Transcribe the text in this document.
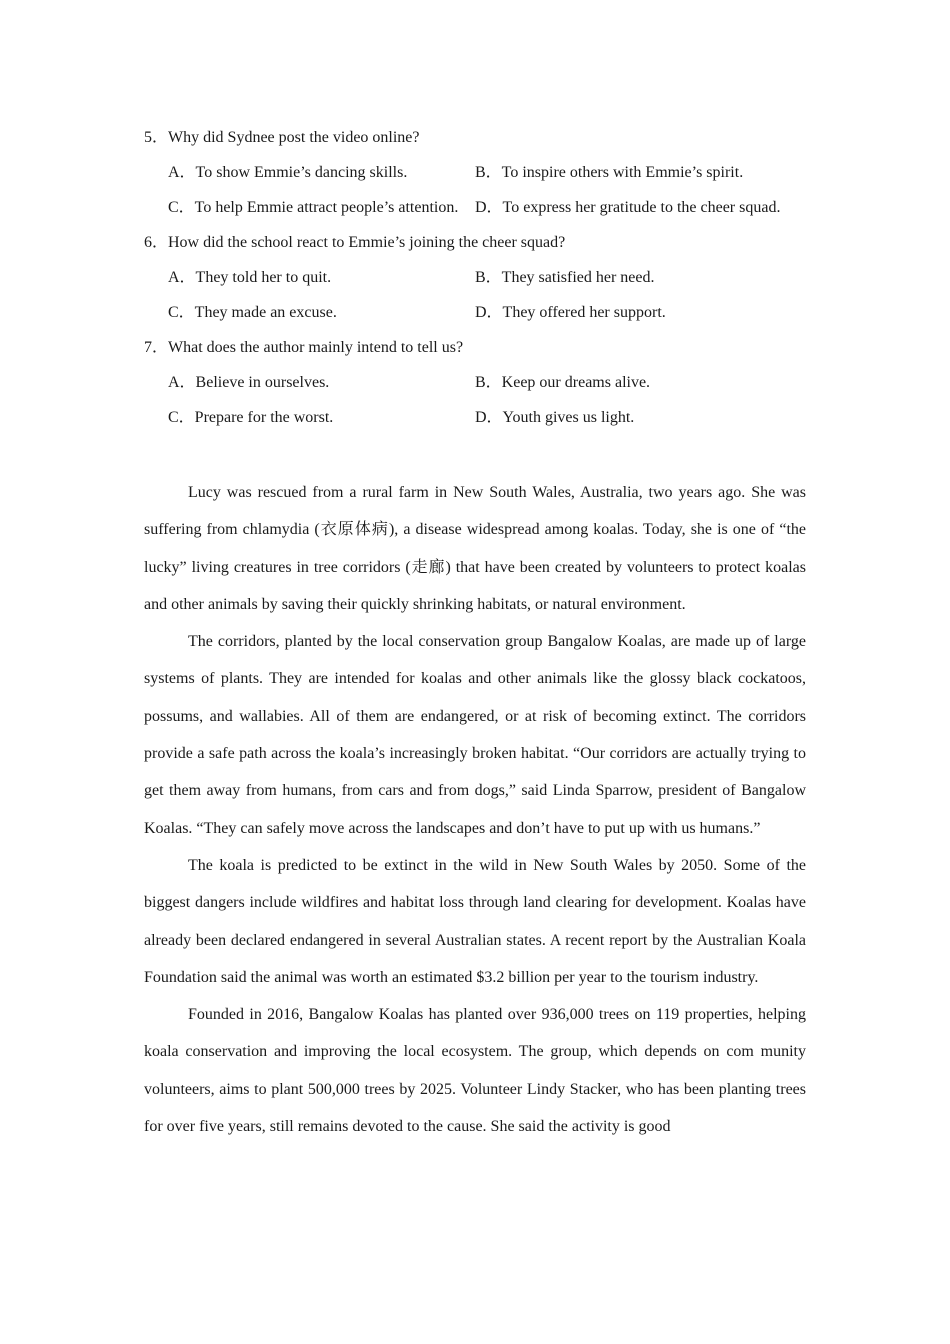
5．Why did Sydnee post the video online?
A．To show Emmie’s dancing skills.	B．To inspire others with Emmie’s spirit.
C．To help Emmie attract people’s attention. D．To express her gratitude to the cheer squad.
6．How did the school react to Emmie’s joining the cheer squad?
A．They told her to quit.	B．They satisfied her need.
C．They made an excuse.	D．They offered her support.
7．What does the author mainly intend to tell us?
A．Believe in ourselves.	B．Keep our dreams alive.
C．Prepare for the worst.	D．Youth gives us light.

Lucy was rescued from a rural farm in New South Wales, Australia, two years ago. She was suffering from chlamydia (衣原体病), a disease widespread among koalas. Today, she is one of “the lucky” living creatures in tree corridors (走廊) that have been created by volunteers to protect koalas and other animals by saving their quickly shrinking habitats, or natural environment.

The corridors, planted by the local conservation group Bangalow Koalas, are made up of large systems of plants. They are intended for koalas and other animals like the glossy black cockatoos, possums, and wallabies. All of them are endangered, or at risk of becoming extinct. The corridors provide a safe path across the koala’s increasingly broken habitat. “Our corridors are actually trying to get them away from humans, from cars and from dogs,” said Linda Sparrow, president of Bangalow Koalas. “They can safely move across the landscapes and don’t have to put up with us humans.”

The koala is predicted to be extinct in the wild in New South Wales by 2050. Some of the biggest dangers include wildfires and habitat loss through land clearing for development. Koalas have already been declared endangered in several Australian states. A recent report by the Australian Koala Foundation said the animal was worth an estimated $3.2 billion per year to the tourism industry.

Founded in 2016, Bangalow Koalas has planted over 936,000 trees on 119 properties, helping koala conservation and improving the local ecosystem. The group, which depends on com munity volunteers, aims to plant 500,000 trees by 2025. Volunteer Lindy Stacker, who has been planting trees for over five years, still remains devoted to the cause. She said the activity is good
